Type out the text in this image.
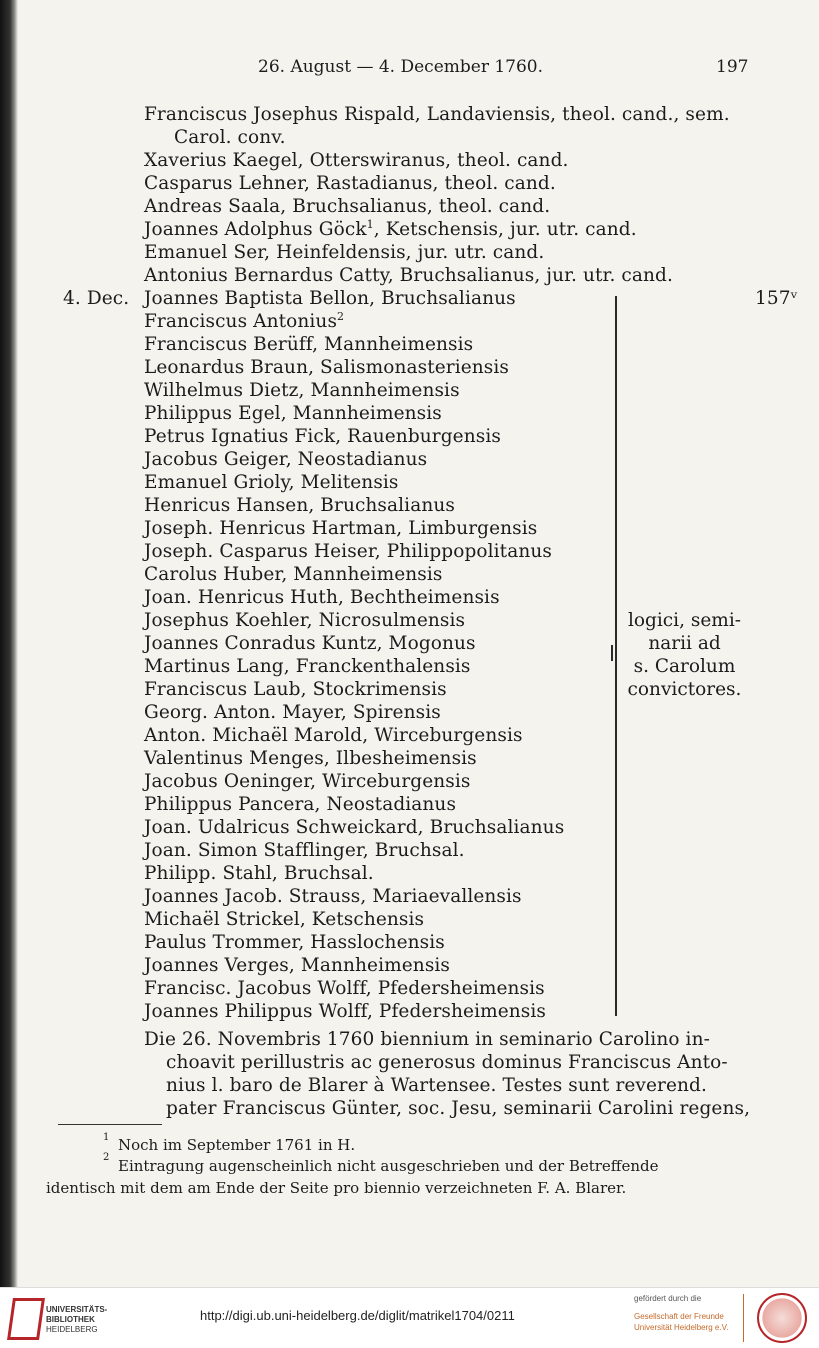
26. August — 4. December 1760.	197
Franciscus Josephus Rispald, Landaviensis, theol. cand., sem.
Carol. conv.
Xaverius Kaegel, Otterswiranus, theol. cand.
Casparus Lehner, Rastadianus, theol. cand.
Andreas Saala, Bruchsalianus, theol. cand.
Joannes Adolphus Göck$^1$, Ketschensis, jur. utr. cand.
Emanuel Ser, Heinfeldensis, jur. utr. cand.
Antonius Bernardus Catty, Bruchsalianus, jur. utr. cand.
4. Dec.	157ᵛ
Joannes Baptista Bellon, Bruchsalianus
Franciscus Antonius$^2$
Franciscus Berüff, Mannheimensis
Leonardus Braun, Salismonasteriensis
Wilhelmus Dietz, Mannheimensis
Philippus Egel, Mannheimensis
Petrus Ignatius Fick, Rauenburgensis
Jacobus Geiger, Neostadianus
Emanuel Grioly, Melitensis
Henricus Hansen, Bruchsalianus
Joseph. Henricus Hartman, Limburgensis
Joseph. Casparus Heiser, Philippopolitanus
Carolus Huber, Mannheimensis
Joan. Henricus Huth, Bechtheimensis
Josephus Koehler, Nicrosulmensis
Joannes Conradus Kuntz, Mogonus
Martinus Lang, Franckenthalensis
Franciscus Laub, Stockrimensis
Georg. Anton. Mayer, Spirensis
Anton. Michaël Marold, Wirceburgensis
Valentinus Menges, Ilbesheimensis
Jacobus Oeninger, Wirceburgensis
Philippus Pancera, Neostadianus
Joan. Udalricus Schweickard, Bruchsalianus
Joan. Simon Stafflinger, Bruchsal.
Philipp. Stahl, Bruchsal.
Joannes Jacob. Strauss, Mariaevallensis
Michaël Strickel, Ketschensis
Paulus Trommer, Hasslochensis
Joannes Verges, Mannheimensis
Francisc. Jacobus Wolff, Pfedersheimensis
Joannes Philippus Wolff, Pfedersheimensis
logici, semi-
narii ad
s. Carolum
convictores.
Die 26. Novembris 1760 biennium in seminario Carolino in-
choavit perillustris ac generosus dominus Franciscus Anto-
nius l. baro de Blarer à Wartensee. Testes sunt reverend.
pater Franciscus Günter, soc. Jesu, seminarii Carolini regens,
1 Noch im September 1761 in H.
2 Eintragung augenscheinlich nicht ausgeschrieben und der Betreffende
identisch mit dem am Ende der Seite pro biennio verzeichneten F. A. Blarer.
UNIVERSITÄTS-
BIBLIOTHEK
HEIDELBERG
http://digi.ub.uni-heidelberg.de/diglit/matrikel1704/0211
gefördert durch die
Gesellschaft der Freunde
Universität Heidelberg e.V.
